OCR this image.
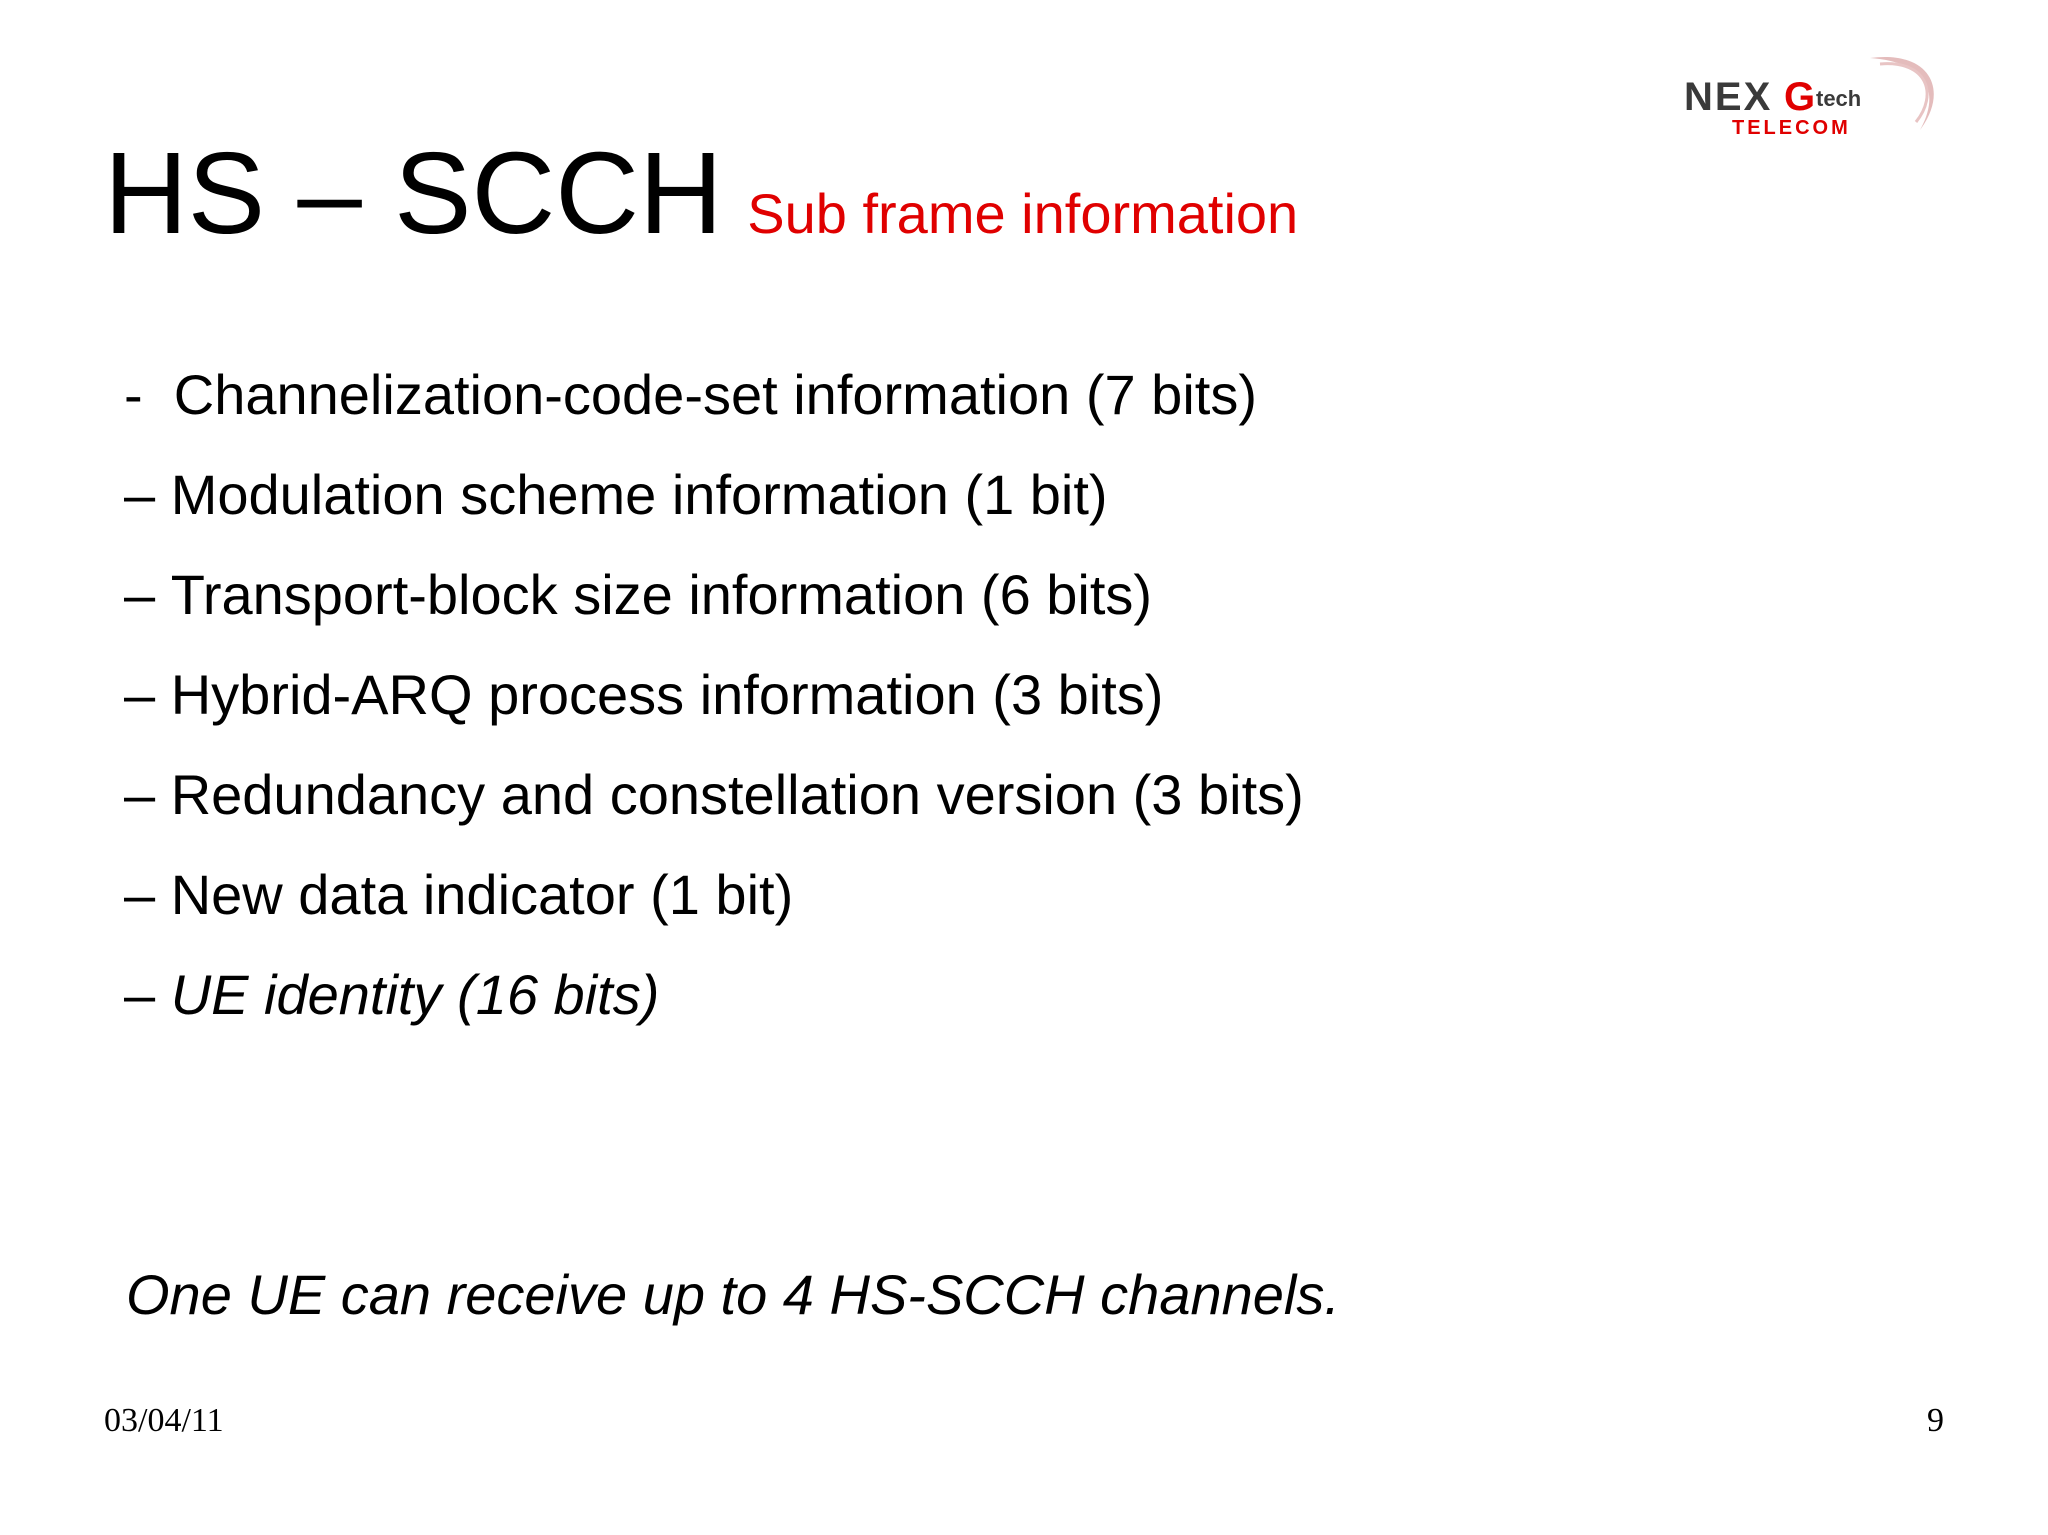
NEX G tech
TELECOM
HS – SCCH Sub frame information
-  Channelization-code-set information (7 bits)
– Modulation scheme information (1 bit)
– Transport-block size information (6 bits)
– Hybrid-ARQ process information (3 bits)
– Redundancy and constellation version (3 bits)
– New data indicator (1 bit)
– UE identity (16 bits)
One UE can receive up to 4 HS-SCCH channels.
03/04/11	9
